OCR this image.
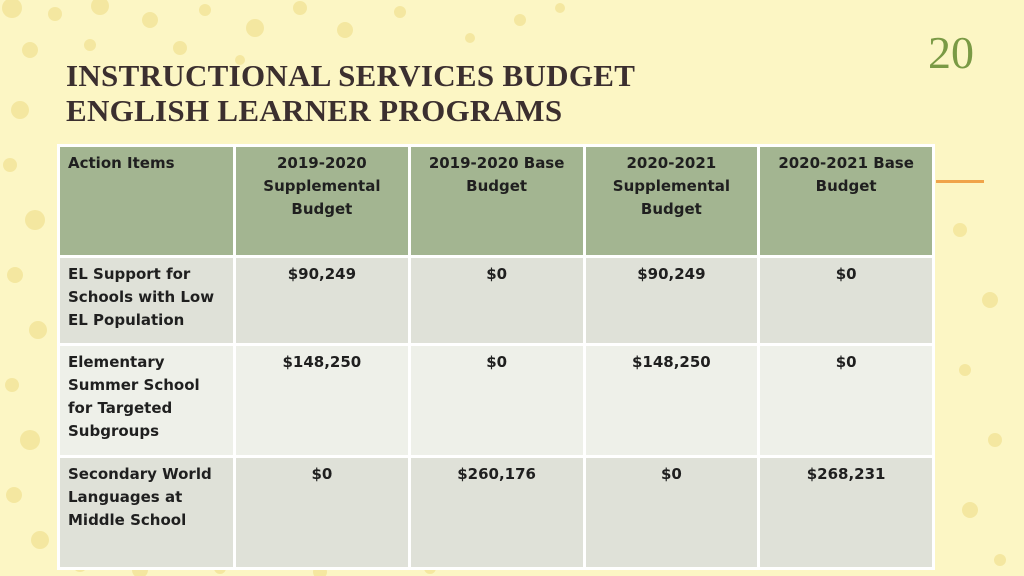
20
INSTRUCTIONAL SERVICES BUDGET
ENGLISH LEARNER PROGRAMS
Action Items	2019-2020 Supplemental Budget	2019-2020 Base Budget	2020-2021 Supplemental Budget	2020-2021 Base Budget
EL Support for Schools with Low EL Population	$90,249	$0	$90,249	$0
Elementary Summer School for Targeted Subgroups	$148,250	$0	$148,250	$0
Secondary World Languages at Middle School	$0	$260,176	$0	$268,231
